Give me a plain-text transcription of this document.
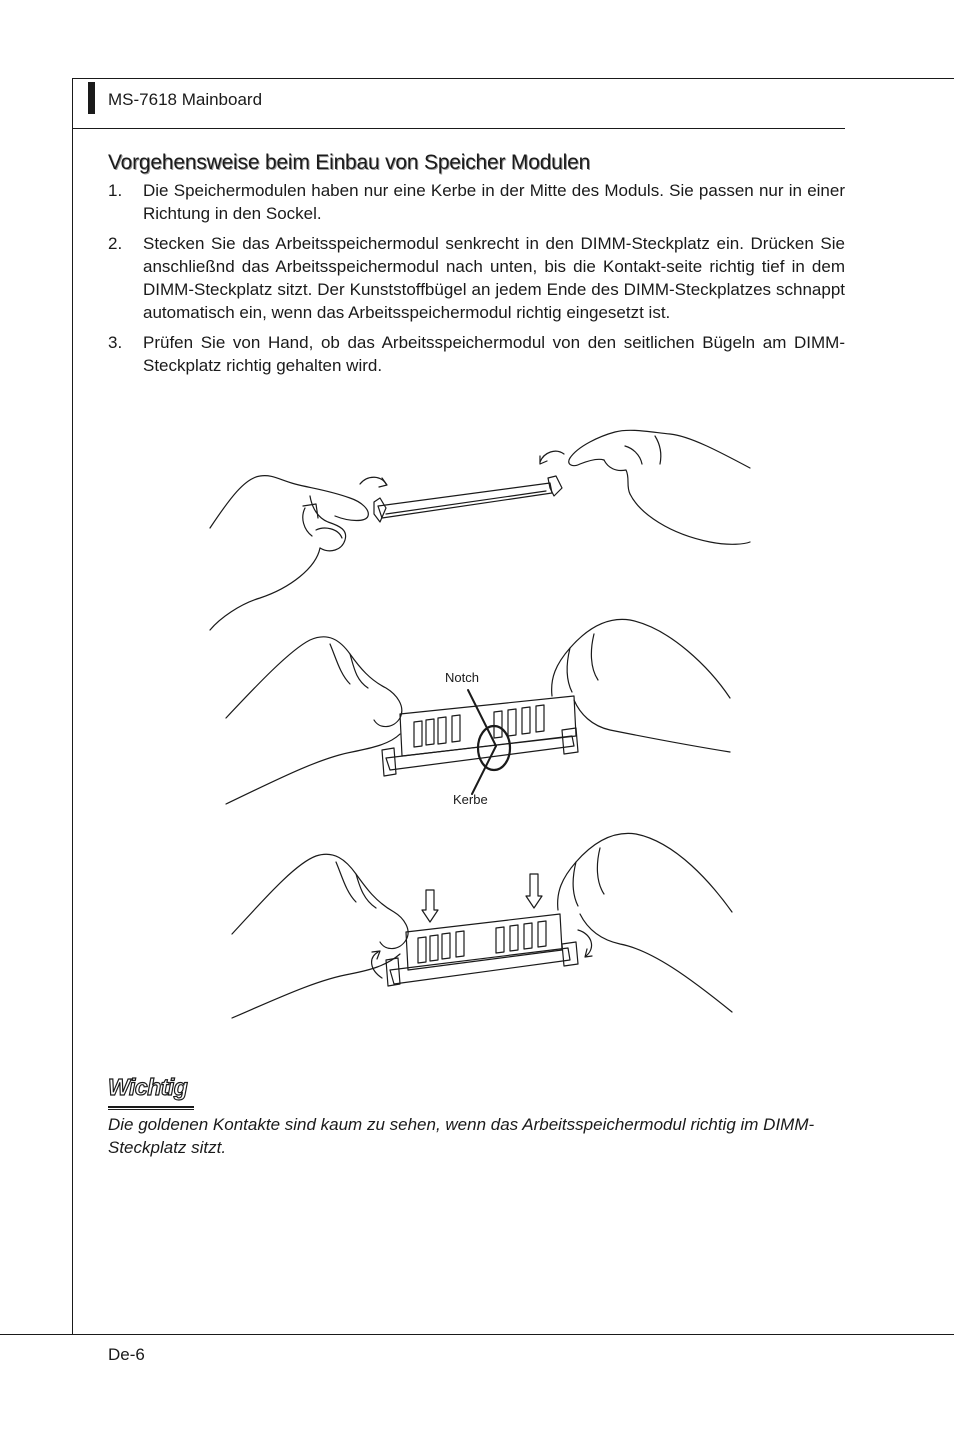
MS-7618 Mainboard
Vorgehensweise beim Einbau von Speicher Modulen
1.	Die Speichermodulen haben nur eine Kerbe in der Mitte des Moduls. Sie passen nur in einer Richtung in den Sockel.
2.	Stecken Sie das Arbeitsspeichermodul senkrecht in den DIMM-Steckplatz ein. Drücken Sie anschließnd das Arbeitsspeichermodul nach unten, bis die Kontakt-seite richtig tief in dem DIMM-Steckplatz sitzt. Der Kunststoffbügel an jedem Ende des DIMM-Steckplatzes schnappt automatisch ein, wenn das Arbeitsspeichermodul richtig eingesetzt ist.
3.	Prüfen Sie von Hand, ob das Arbeitsspeichermodul von den seitlichen Bügeln am DIMM-Steckplatz richtig gehalten wird.
Notch
Kerbe
Wichtig

Die goldenen Kontakte sind kaum zu sehen, wenn das Arbeitsspeichermodul richtig im DIMM-Steckplatz sitzt.

De-6
